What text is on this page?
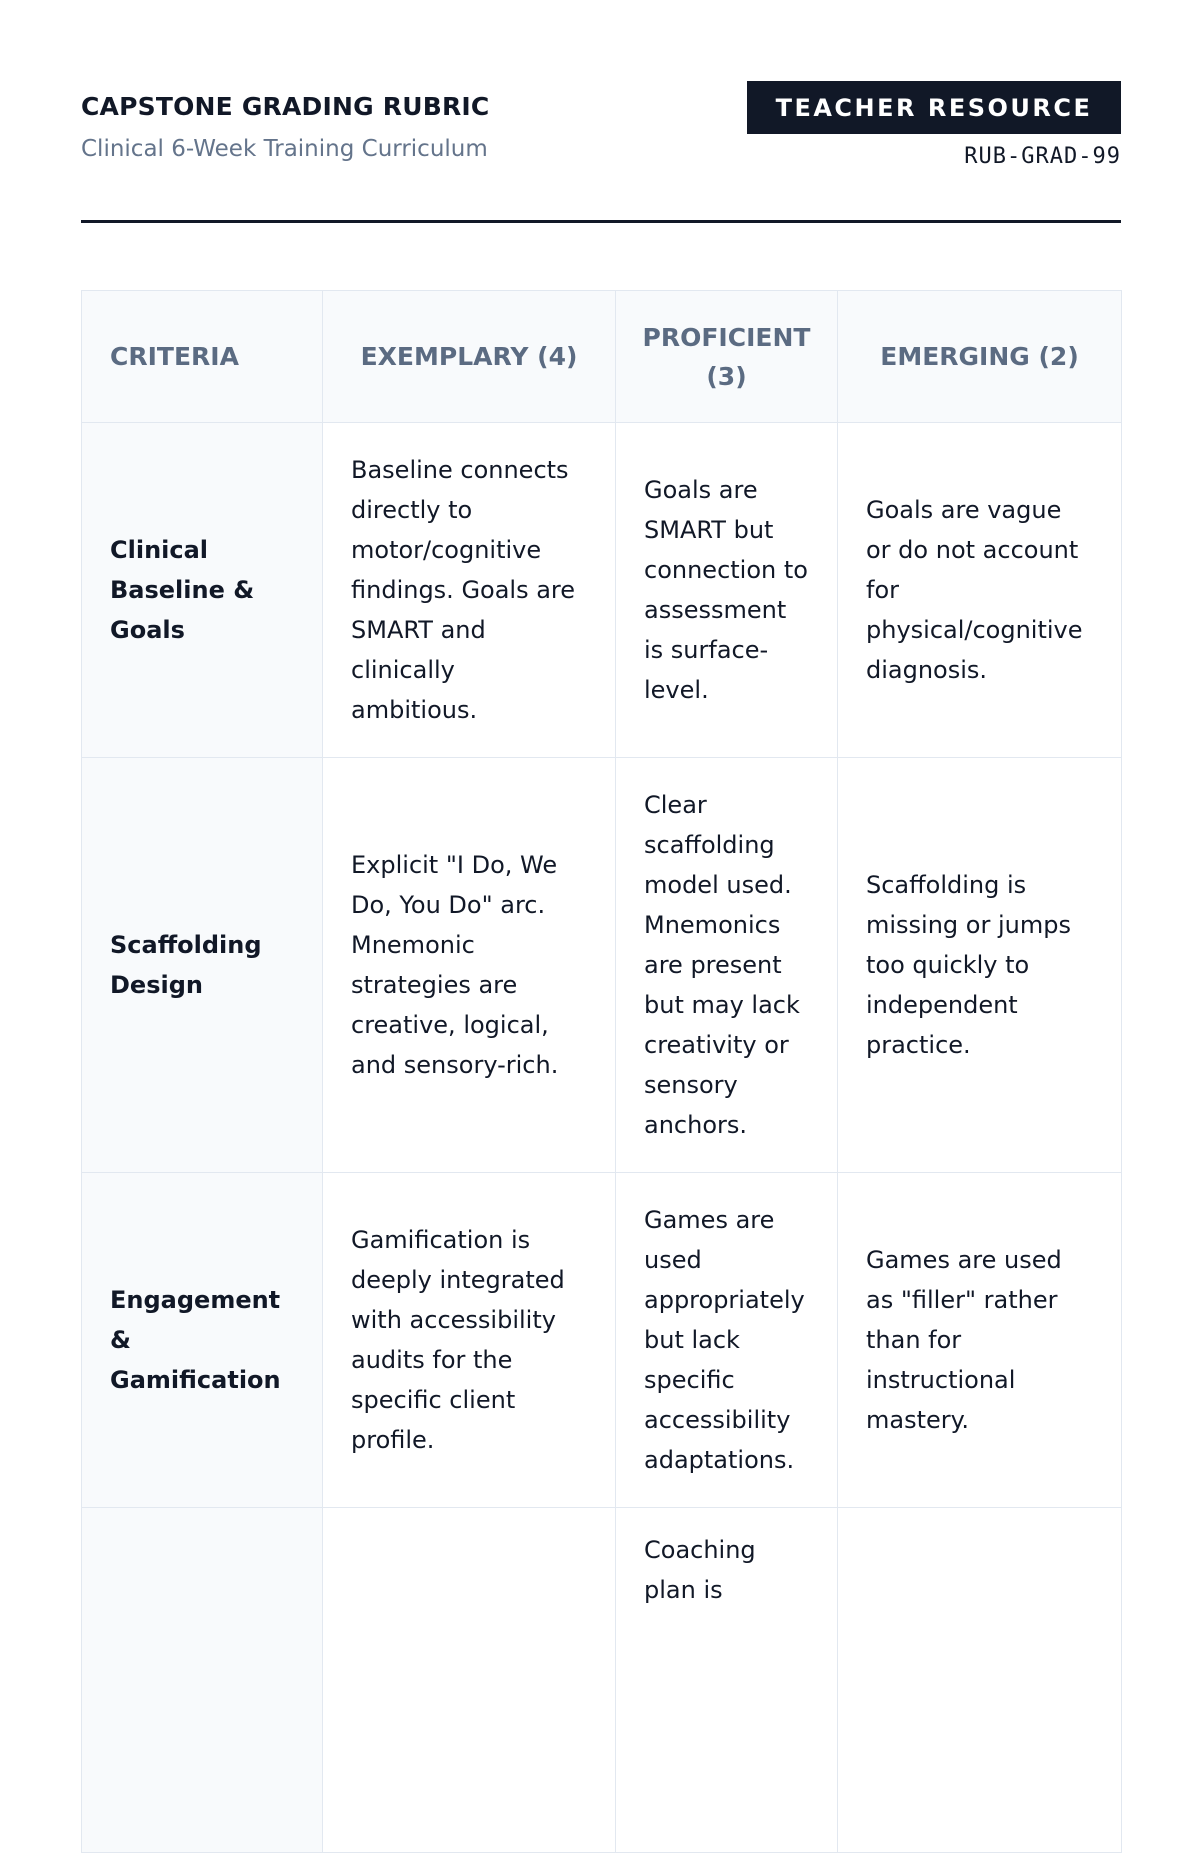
CAPSTONE GRADING RUBRIC
Clinical 6-Week Training Curriculum
TEACHER RESOURCE
RUB-GRAD-99
CRITERIA	EXEMPLARY (4)	PROFICIENT (3)	EMERGING (2)
Clinical Baseline & Goals	Baseline connects directly to motor/cognitive findings. Goals are SMART and clinically ambitious.	Goals are SMART but connection to assessment is surface-level.	Goals are vague or do not account for physical/cognitive diagnosis.
Scaffolding Design	Explicit "I Do, We Do, You Do" arc. Mnemonic strategies are creative, logical, and sensory-rich.	Clear scaffolding model used. Mnemonics are present but may lack creativity or sensory anchors.	Scaffolding is missing or jumps too quickly to independent practice.
Engagement & Gamification	Gamification is deeply integrated with accessibility audits for the specific client profile.	Games are used appropriately but lack specific accessibility adaptations.	Games are used as "filler" rather than for instructional mastery.
		Coaching plan is	
